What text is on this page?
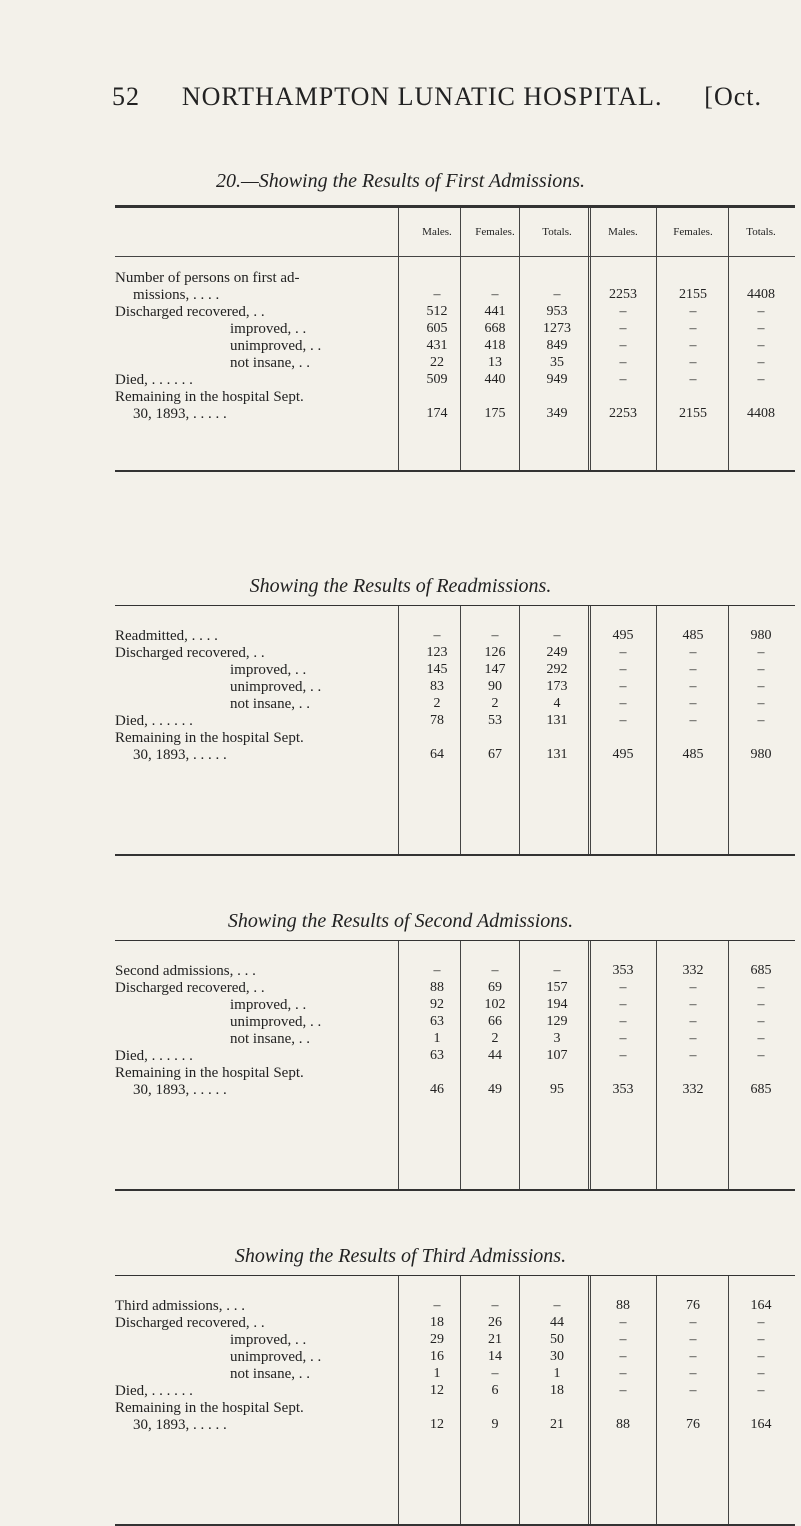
52 NORTHAMPTON LUNATIC HOSPITAL. [Oct.
20.—Showing the Results of First Admissions.
Males.	Females.	Totals.	Males.	Females.	Totals.
Number of persons on first ad-
missions, . . . .	–	–	–	2253	2155	4408
Discharged recovered, . .	512	441	953	–	–	–
improved, . .	605	668	1273	–	–	–
unimproved, . .	431	418	849	–	–	–
not insane, . .	22	13	35	–	–	–
Died, . . . . . .	509	440	949	–	–	–
Remaining in the hospital Sept.
30, 1893, . . . . .	174	175	349	2253	2155	4408
Showing the Results of Readmissions.
Readmitted, . . . .	–	–	–	495	485	980
Discharged recovered, . .	123	126	249	–	–	–
improved, . .	145	147	292	–	–	–
unimproved, . .	83	90	173	–	–	–
not insane, . .	2	2	4	–	–	–
Died, . . . . . .	78	53	131	–	–	–
Remaining in the hospital Sept.
30, 1893, . . . . .	64	67	131	495	485	980
Showing the Results of Second Admissions.
Second admissions, . . .	–	–	–	353	332	685
Discharged recovered, . .	88	69	157	–	–	–
improved, . .	92	102	194	–	–	–
unimproved, . .	63	66	129	–	–	–
not insane, . .	1	2	3	–	–	–
Died, . . . . . .	63	44	107	–	–	–
Remaining in the hospital Sept.
30, 1893, . . . . .	46	49	95	353	332	685
Showing the Results of Third Admissions.
Third admissions, . . .	–	–	–	88	76	164
Discharged recovered, . .	18	26	44	–	–	–
improved, . .	29	21	50	–	–	–
unimproved, . .	16	14	30	–	–	–
not insane, . .	1	–	1	–	–	–
Died, . . . . . .	12	6	18	–	–	–
Remaining in the hospital Sept.
30, 1893, . . . . .	12	9	21	88	76	164
